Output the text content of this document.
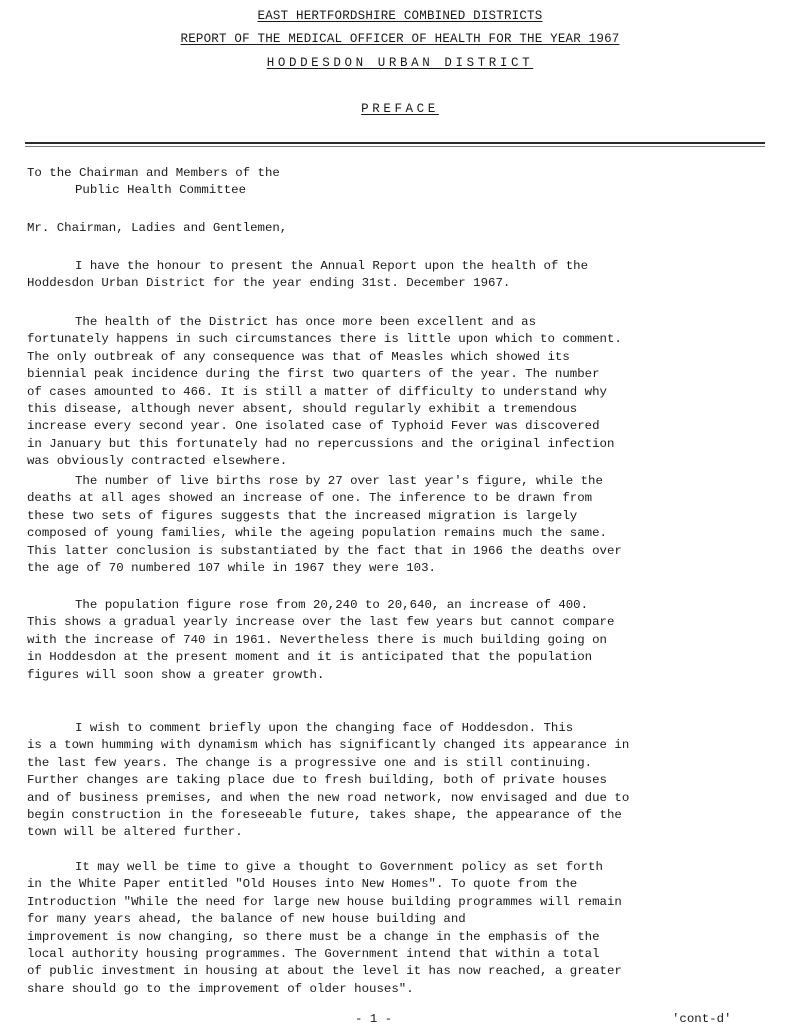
EAST HERTFORDSHIRE COMBINED DISTRICTS
REPORT OF THE MEDICAL OFFICER OF HEALTH FOR THE YEAR 1967
HODDESDON URBAN DISTRICT
PREFACE
To the Chairman and Members of the
Public Health Committee
Mr. Chairman, Ladies and Gentlemen,
I have the honour to present the Annual Report upon the health of the
Hoddesdon Urban District for the year ending 31st. December 1967.
The health of the District has once more been excellent and as
fortunately happens in such circumstances there is little upon which to comment.
The only outbreak of any consequence was that of Measles which showed its
biennial peak incidence during the first two quarters of the year. The number
of cases amounted to 466. It is still a matter of difficulty to understand why
this disease, although never absent, should regularly exhibit a tremendous
increase every second year. One isolated case of Typhoid Fever was discovered
in January but this fortunately had no repercussions and the original infection
was obviously contracted elsewhere.
The number of live births rose by 27 over last year's figure, while the
deaths at all ages showed an increase of one. The inference to be drawn from
these two sets of figures suggests that the increased migration is largely
composed of young families, while the ageing population remains much the same.
This latter conclusion is substantiated by the fact that in 1966 the deaths over
the age of 70 numbered 107 while in 1967 they were 103.
The population figure rose from 20,240 to 20,640, an increase of 400.
This shows a gradual yearly increase over the last few years but cannot compare
with the increase of 740 in 1961. Nevertheless there is much building going on
in Hoddesdon at the present moment and it is anticipated that the population
figures will soon show a greater growth.
I wish to comment briefly upon the changing face of Hoddesdon. This
is a town humming with dynamism which has significantly changed its appearance in
the last few years. The change is a progressive one and is still continuing.
Further changes are taking place due to fresh building, both of private houses
and of business premises, and when the new road network, now envisaged and due to
begin construction in the foreseeable future, takes shape, the appearance of the
town will be altered further.
It may well be time to give a thought to Government policy as set forth
in the White Paper entitled "Old Houses into New Homes". To quote from the
Introduction "While the need for large new house building programmes will remain
for many years ahead, the balance of new house building and
improvement is now changing, so there must be a change in the emphasis of the
local authority housing programmes. The Government intend that within a total
of public investment in housing at about the level it has now reached, a greater
share should go to the improvement of older houses".
- 1 -	'cont-d'
